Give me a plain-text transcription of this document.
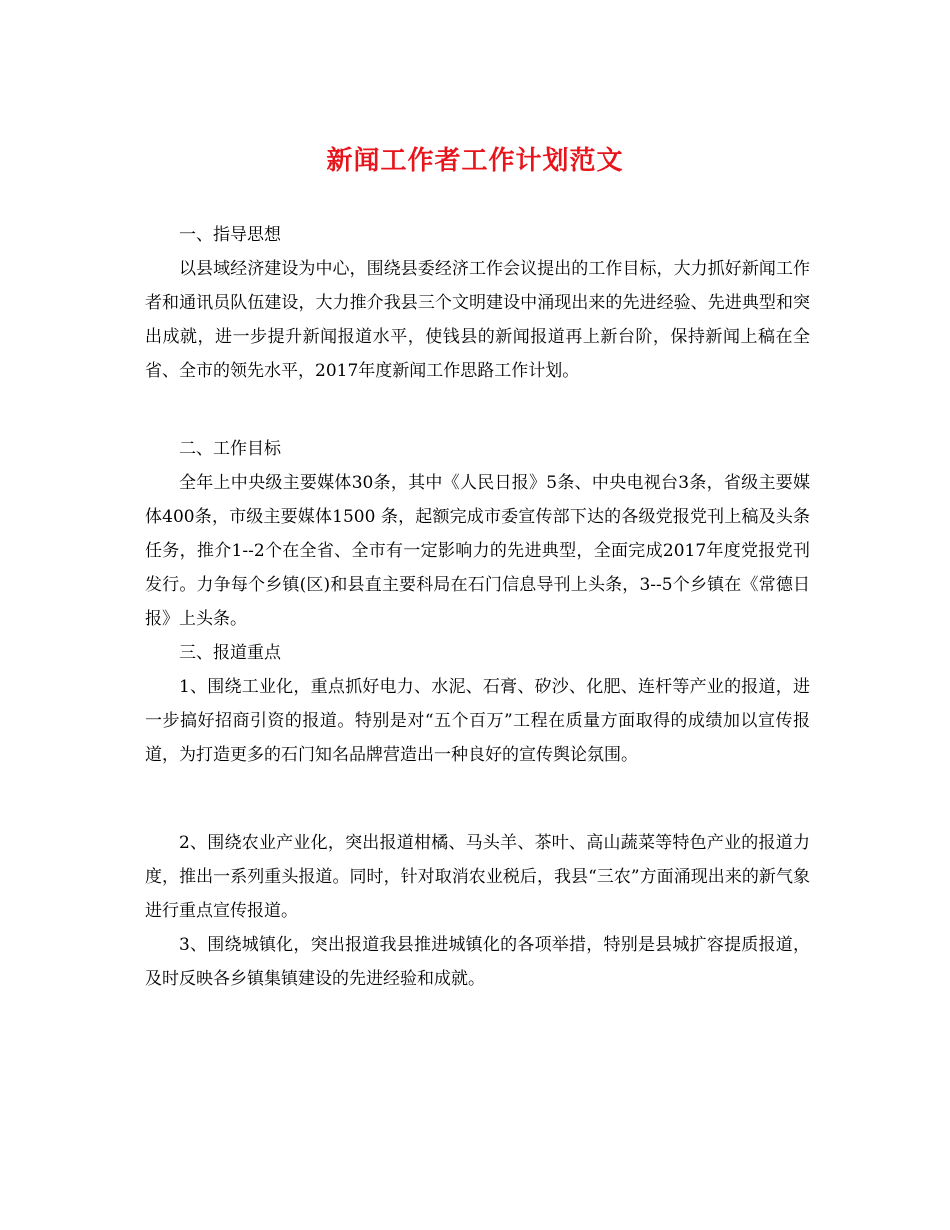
新闻工作者工作计划范文
一、指导思想

以县域经济建设为中心，围绕县委经济工作会议提出的工作目标，大力抓好新闻工作者和通讯员队伍建设，大力推介我县三个文明建设中涌现出来的先进经验、先进典型和突出成就，进一步提升新闻报道水平，使钱县的新闻报道再上新台阶，保持新闻上稿在全省、全市的领先水平，2017年度新闻工作思路工作计划。

二、工作目标

全年上中央级主要媒体30条，其中《人民日报》5条、中央电视台3条，省级主要媒体400条，市级主要媒体1500 条，起额完成市委宣传部下达的各级党报党刊上稿及头条任务，推介1--2个在全省、全市有一定影响力的先进典型，全面完成2017年度党报党刊发行。力争每个乡镇(区)和县直主要科局在石门信息导刊上头条，3--5个乡镇在《常德日报》上头条。

三、报道重点

1、围绕工业化，重点抓好电力、水泥、石膏、矽沙、化肥、连杆等产业的报道，进一步搞好招商引资的报道。特别是对“五个百万”工程在质量方面取得的成绩加以宣传报道，为打造更多的石门知名品牌营造出一种良好的宣传舆论氛围。

2、围绕农业产业化，突出报道柑橘、马头羊、茶叶、高山蔬菜等特色产业的报道力度，推出一系列重头报道。同时，针对取消农业税后，我县“三农”方面涌现出来的新气象进行重点宣传报道。

3、围绕城镇化，突出报道我县推进城镇化的各项举措，特别是县城扩容提质报道，及时反映各乡镇集镇建设的先进经验和成就。
